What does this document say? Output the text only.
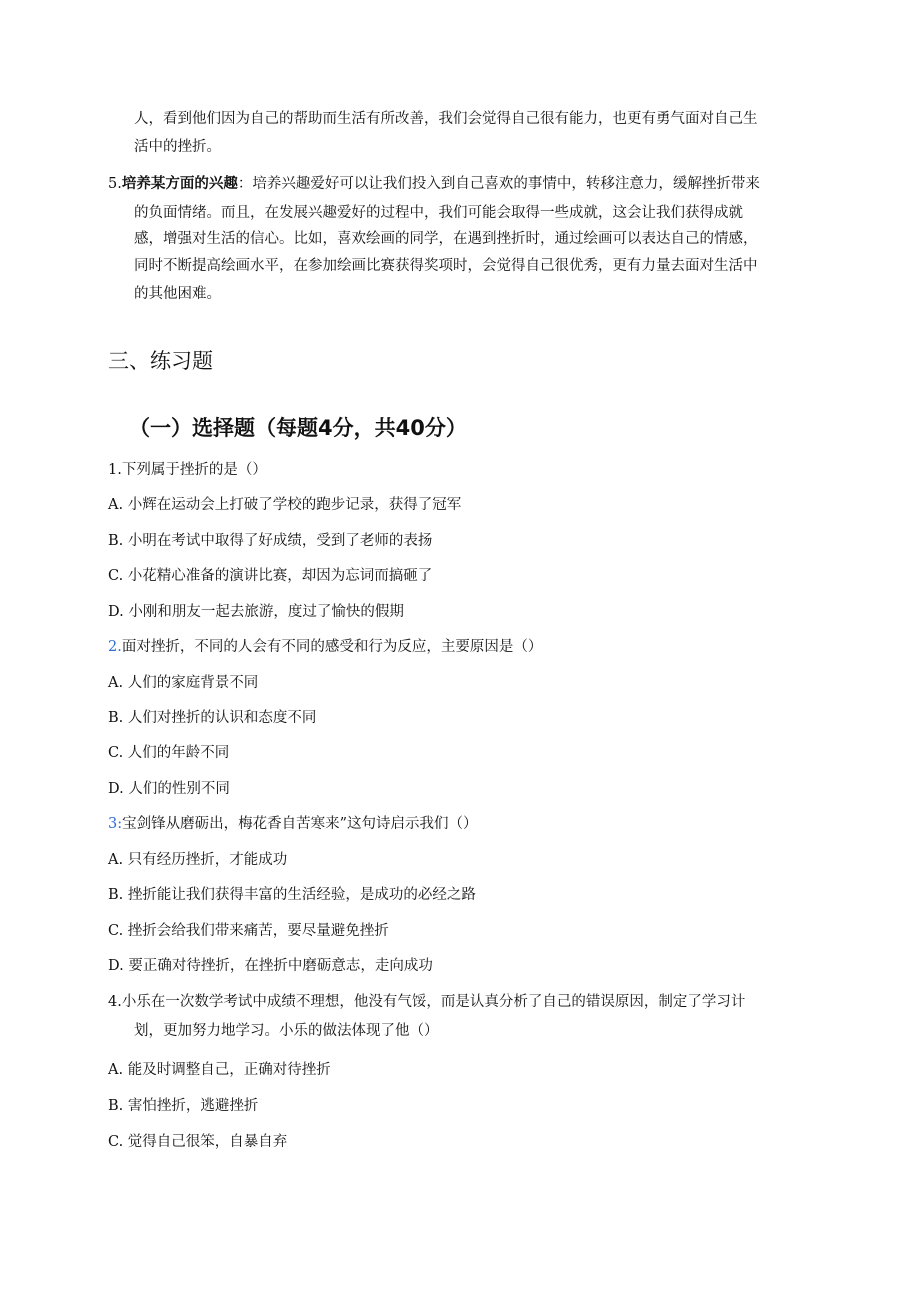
人，看到他们因为自己的帮助而生活有所改善，我们会觉得自己很有能力，也更有勇气面对自己生
活中的挫折。
5.培养某方面的兴趣：培养兴趣爱好可以让我们投入到自己喜欢的事情中，转移注意力，缓解挫折带来
的负面情绪。而且，在发展兴趣爱好的过程中，我们可能会取得一些成就，这会让我们获得成就
感，增强对生活的信心。比如，喜欢绘画的同学，在遇到挫折时，通过绘画可以表达自己的情感，
同时不断提高绘画水平，在参加绘画比赛获得奖项时，会觉得自己很优秀，更有力量去面对生活中
的其他困难。
三、练习题
（一）选择题（每题4分，共40分）
1.下列属于挫折的是（）
A. 小辉在运动会上打破了学校的跑步记录，获得了冠军
B. 小明在考试中取得了好成绩，受到了老师的表扬
C. 小花精心准备的演讲比赛，却因为忘词而搞砸了
D. 小刚和朋友一起去旅游，度过了愉快的假期
2.面对挫折，不同的人会有不同的感受和行为反应，主要原因是（）
A. 人们的家庭背景不同
B. 人们对挫折的认识和态度不同
C. 人们的年龄不同
D. 人们的性别不同
3:宝剑锋从磨砺出，梅花香自苦寒来”这句诗启示我们（）
A. 只有经历挫折，才能成功
B. 挫折能让我们获得丰富的生活经验，是成功的必经之路
C. 挫折会给我们带来痛苦，要尽量避免挫折
D. 要正确对待挫折，在挫折中磨砺意志，走向成功
4.小乐在一次数学考试中成绩不理想，他没有气馁，而是认真分析了自己的错误原因，制定了学习计
划，更加努力地学习。小乐的做法体现了他（）
A. 能及时调整自己，正确对待挫折
B. 害怕挫折，逃避挫折
C. 觉得自己很笨，自暴自弃
